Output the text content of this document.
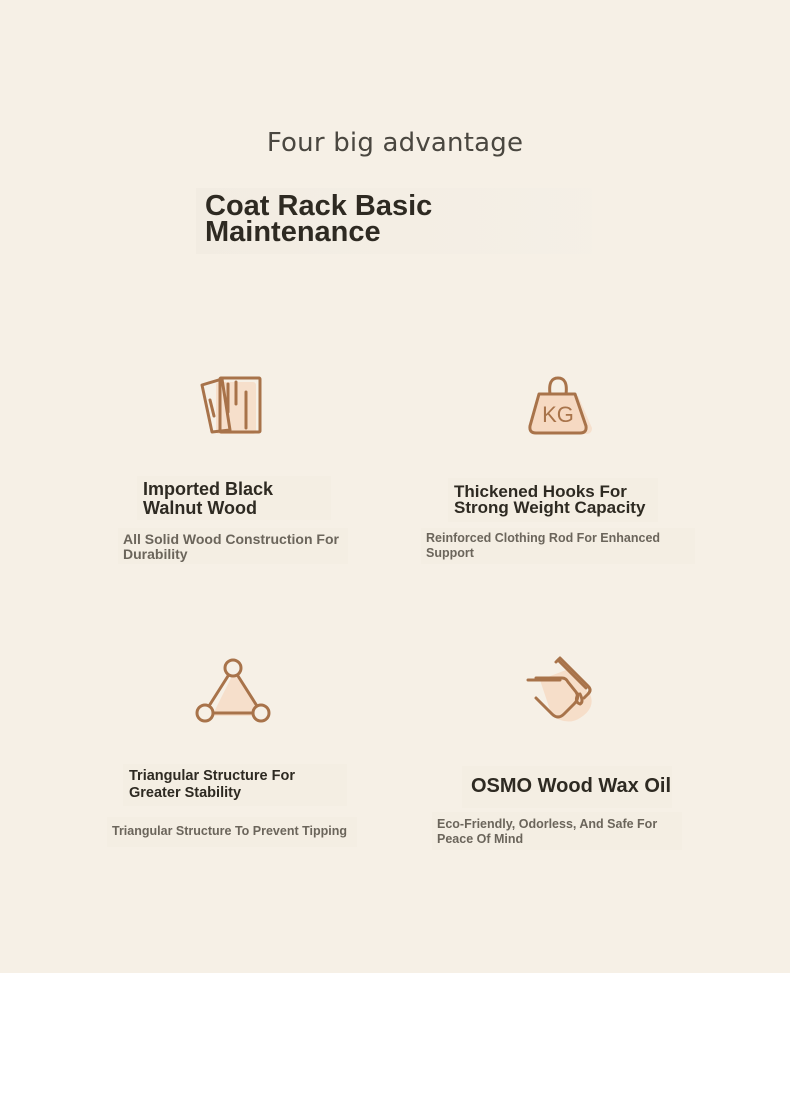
Four big advantage
Coat Rack Basic
Maintenance
Imported Black
Walnut Wood

All Solid Wood Construction For
Durability

KG
Thickened Hooks For
Strong Weight Capacity

Reinforced Clothing Rod For Enhanced
Support

Triangular Structure For
Greater Stability

Triangular Structure To Prevent Tipping

OSMO Wood Wax Oil

Eco-Friendly, Odorless, And Safe For
Peace Of Mind
